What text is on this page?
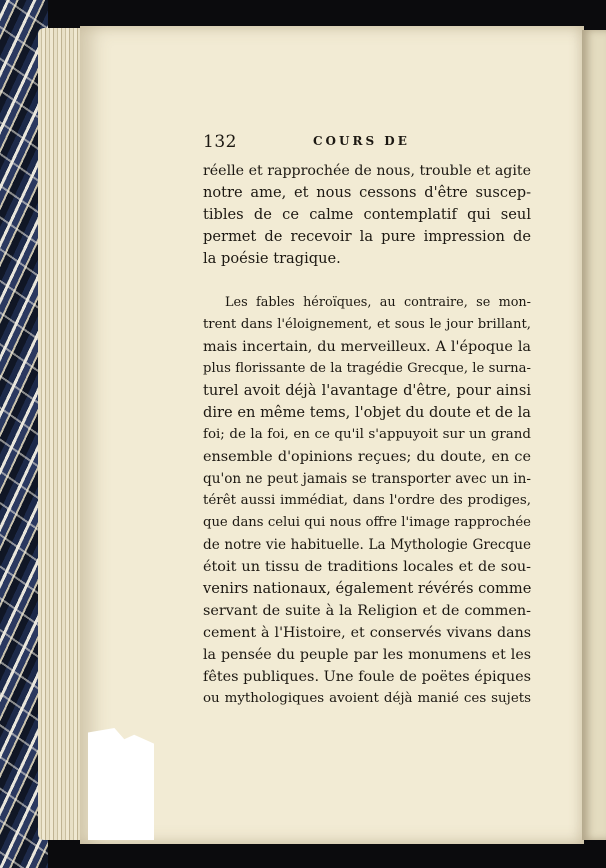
132	COURS DE
réelle et rapprochée de nous, trouble et agite
notre ame, et nous cessons d'être suscep-
tibles de ce calme contemplatif qui seul
permet de recevoir la pure impression de
la poésie tragique.
Les fables héroïques, au contraire, se mon-
trent dans l'éloignement, et sous le jour brillant,
mais incertain, du merveilleux. A l'époque la
plus florissante de la tragédie Grecque, le surna-
turel avoit déjà l'avantage d'être, pour ainsi
dire en même tems, l'objet du doute et de la
foi; de la foi, en ce qu'il s'appuyoit sur un grand
ensemble d'opinions reçues; du doute, en ce
qu'on ne peut jamais se transporter avec un in-
térêt aussi immédiat, dans l'ordre des prodiges,
que dans celui qui nous offre l'image rapprochée
de notre vie habituelle. La Mythologie Grecque
étoit un tissu de traditions locales et de sou-
venirs nationaux, également révérés comme
servant de suite à la Religion et de commen-
cement à l'Histoire, et conservés vivans dans
la pensée du peuple par les monumens et les
fêtes publiques. Une foule de poëtes épiques
ou mythologiques avoient déjà manié ces sujets
